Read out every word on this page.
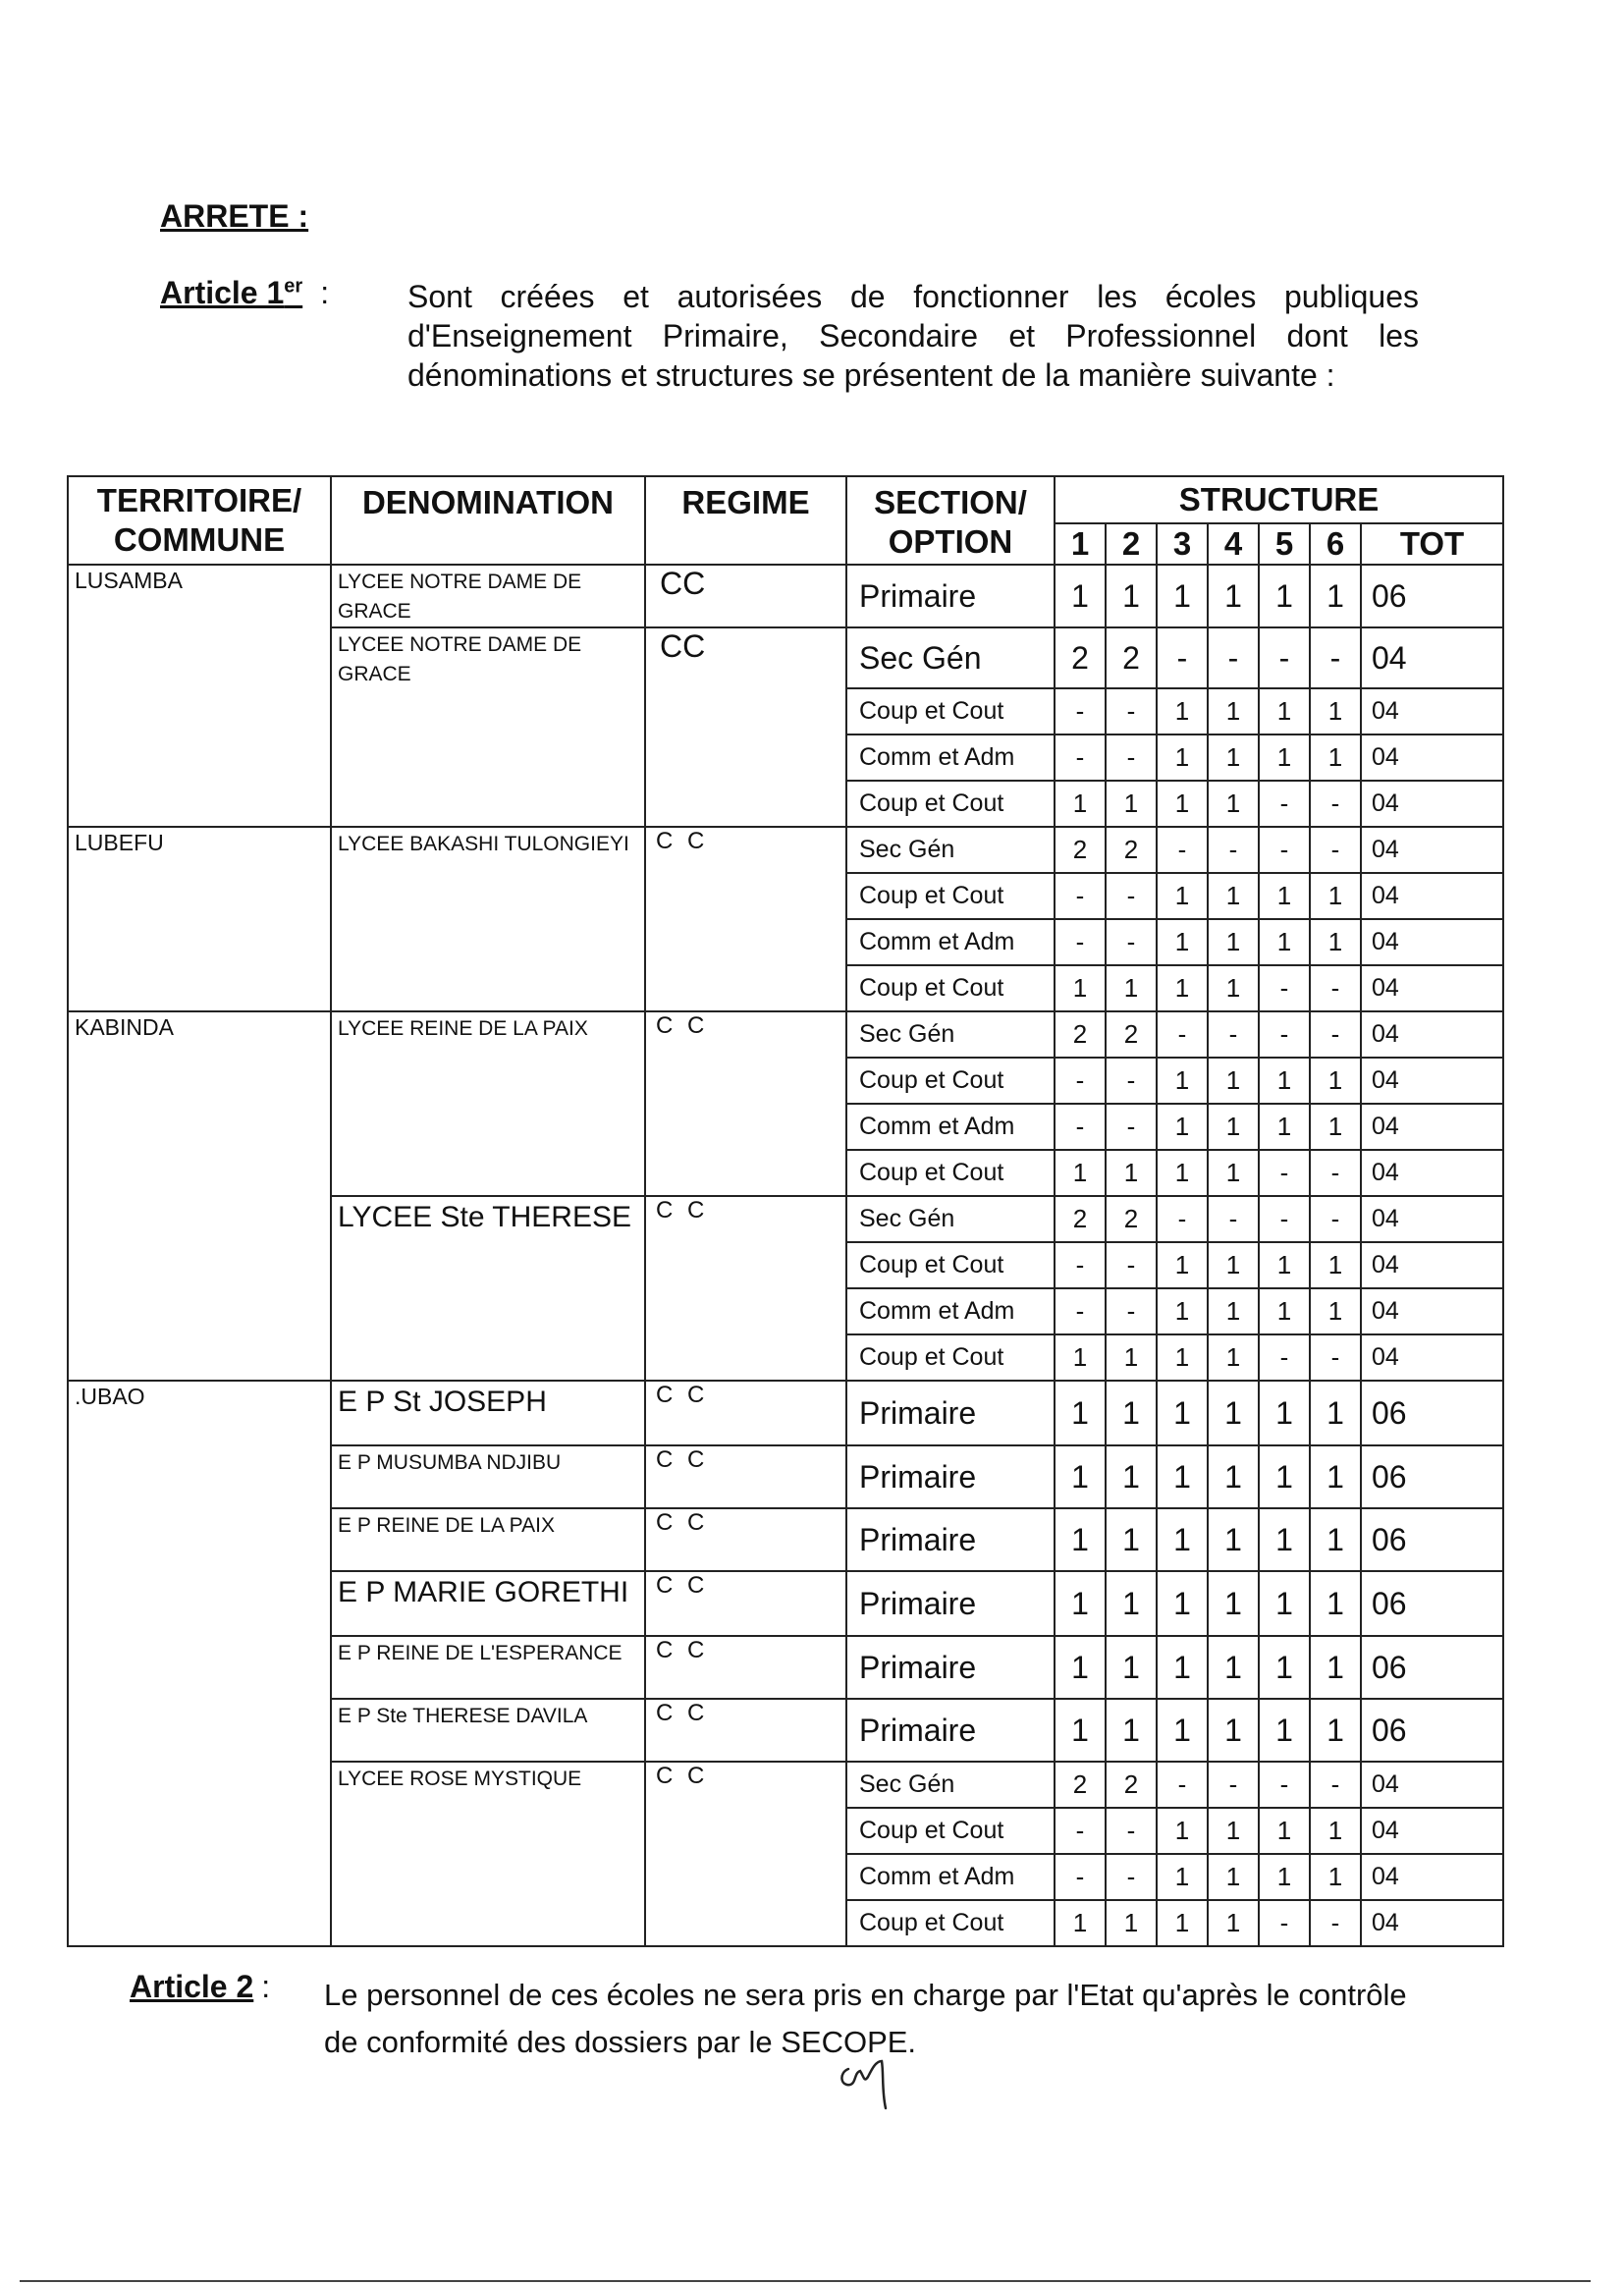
ARRETE :
Article 1er : Sont créées et autorisées de fonctionner les écoles publiques d'Enseignement Primaire, Secondaire et Professionnel dont les dénominations et structures se présentent de la manière suivante :
TERRITOIRE/ COMMUNE	DENOMINATION	REGIME	SECTION/ OPTION	STRUCTURE						
				1	2	3	4	5	6	TOT
LUSAMBA	LYCEE NOTRE DAME DE GRACE	CC	Primaire	1	1	1	1	1	1	06
	LYCEE NOTRE DAME DE GRACE	CC	Sec Gén	2	2	-	-	-	-	04
			Coup et Cout	-	-	1	1	1	1	04
			Comm et Adm	-	-	1	1	1	1	04
			Coup et Cout	1	1	1	1	-	-	04
LUBEFU	LYCEE BAKASHI TULONGIEYI	C C	Sec Gén	2	2	-	-	-	-	04
			Coup et Cout	-	-	1	1	1	1	04
			Comm et Adm	-	-	1	1	1	1	04
			Coup et Cout	1	1	1	1	-	-	04
KABINDA	LYCEE REINE DE LA PAIX	C C	Sec Gén	2	2	-	-	-	-	04
			Coup et Cout	-	-	1	1	1	1	04
			Comm et Adm	-	-	1	1	1	1	04
			Coup et Cout	1	1	1	1	-	-	04
	LYCEE Ste THERESE	C C	Sec Gén	2	2	-	-	-	-	04
			Coup et Cout	-	-	1	1	1	1	04
			Comm et Adm	-	-	1	1	1	1	04
			Coup et Cout	1	1	1	1	-	-	04
.UBAO	E P St JOSEPH	C C	Primaire	1	1	1	1	1	1	06
	E P MUSUMBA NDJIBU	C C	Primaire	1	1	1	1	1	1	06
	E P REINE DE LA PAIX	C C	Primaire	1	1	1	1	1	1	06
	E P MARIE GORETHI	C C	Primaire	1	1	1	1	1	1	06
	E P REINE DE L'ESPERANCE	C C	Primaire	1	1	1	1	1	1	06
	E P Ste THERESE DAVILA	C C	Primaire	1	1	1	1	1	1	06
	LYCEE ROSE MYSTIQUE	C C	Sec Gén	2	2	-	-	-	-	04
			Coup et Cout	-	-	1	1	1	1	04
			Comm et Adm	-	-	1	1	1	1	04
			Coup et Cout	1	1	1	1	-	-	04
Article 2 : Le personnel de ces écoles ne sera pris en charge par l'Etat qu'après le contrôle de conformité des dossiers par le SECOPE.
